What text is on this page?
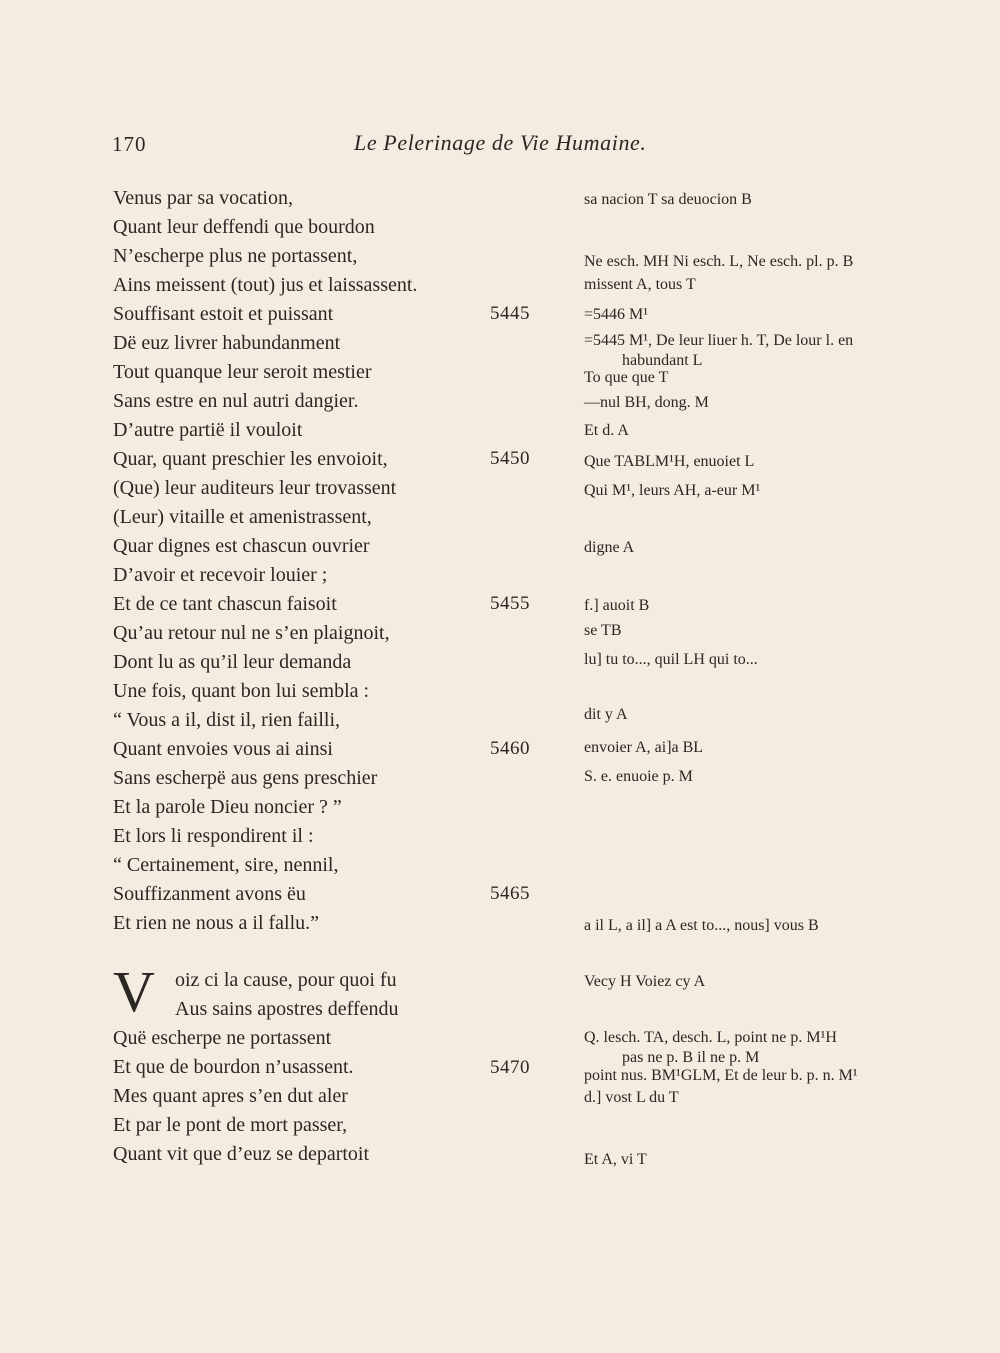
170	Le Pelerinage de Vie Humaine.
Venus par sa vocation,
Quant leur deffendi que bourdon
N’escherpe plus ne portassent,
Ains meissent (tout) jus et laissassent.
Souffisant estoit et puissant
Dë euz livrer habundanment
Tout quanque leur seroit mestier
Sans estre en nul autri dangier.
D’autre partië il vouloit
Quar, quant preschier les envoioit,
(Que) leur auditeurs leur trovassent
(Leur) vitaille et amenistrassent,
Quar dignes est chascun ouvrier
D’avoir et recevoir louier ;
Et de ce tant chascun faisoit
Qu’au retour nul ne s’en plaignoit,
Dont lu as qu’il leur demanda
Une fois, quant bon lui sembla :
“ Vous a il, dist il, rien failli,
Quant envoies vous ai ainsi
Sans escherpë aus gens preschier
Et la parole Dieu noncier ? ”
Et lors li respondirent il :
“ Certainement, sire, nennil,
Souffizanment avons ëu
Et rien ne nous a il fallu.”
V	oiz ci la cause, pour quoi fu
Aus sains apostres deffendu
Quë escherpe ne portassent
Et que de bourdon n’usassent.
Mes quant apres s’en dut aler
Et par le pont de mort passer,
Quant vit que d’euz se departoit
5445
5450
5455
5460
5465
5470
sa nacion T sa deuocion B
Ne esch. MH Ni esch. L, Ne esch. pl. p. B
missent A, tous T
=5446 M¹
=5445 M¹, De leur liuer h. T, De lour l. en
habundant L
To que que T
—nul BH, dong. M
Et d. A
Que TABLM¹H, enuoiet L
Qui M¹, leurs AH, a-eur M¹
digne A
f.] auoit B
se TB
lu] tu to..., quil LH qui to...
dit y A
envoier A, ai]a BL
S. e. enuoie p. M
a il L, a il] a A est to..., nous] vous B
Vecy H Voiez cy A
Q. lesch. TA, desch. L, point ne p. M¹H
pas ne p. B il ne p. M
point nus. BM¹GLM, Et de leur b. p. n. M¹
d.] vost L du T
Et A, vi T
